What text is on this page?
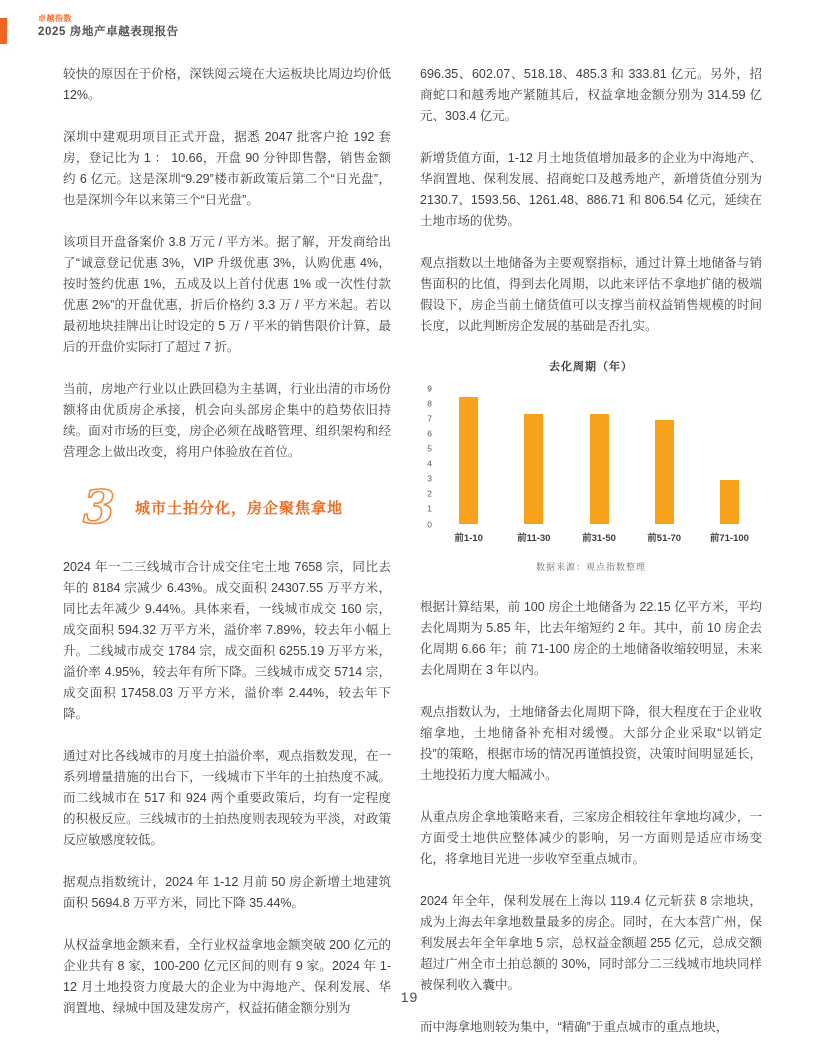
卓越指数
2025 房地产卓越表现报告

较快的原因在于价格，深铁阅云境在大运板块比周边均价低 12%。

深圳中建观玥项目正式开盘，据悉 2047 批客户抢 192 套房，登记比为 1 ： 10.66，开盘 90 分钟即售罄，销售金额约 6 亿元。这是深圳“9.29”楼市新政策后第二个“日光盘”，也是深圳今年以来第三个“日光盘”。

该项目开盘备案价 3.8 万元 / 平方米。据了解，开发商给出了“诚意登记优惠 3%，VIP 升级优惠 3%，认购优惠 4%，按时签约优惠 1%，五成及以上首付优惠 1% 或一次性付款优惠 2%”的开盘优惠，折后价格约 3.3 万 / 平方米起。若以最初地块挂牌出让时设定的 5 万 / 平米的销售限价计算，最后的开盘价实际打了超过 7 折。

当前，房地产行业以止跌回稳为主基调，行业出清的市场份额将由优质房企承接，机会向头部房企集中的趋势依旧持续。面对市场的巨变，房企必须在战略管理、组织架构和经营理念上做出改变，将用户体验放在首位。

3 城市土拍分化，房企聚焦拿地

2024 年一二三线城市合计成交住宅土地 7658 宗，同比去年的 8184 宗减少 6.43%。成交面积 24307.55 万平方米，同比去年减少 9.44%。具体来看，一线城市成交 160 宗，成交面积 594.32 万平方米，溢价率 7.89%，较去年小幅上升。二线城市成交 1784 宗，成交面积 6255.19 万平方米，溢价率 4.95%，较去年有所下降。三线城市成交 5714 宗，成交面积 17458.03 万平方米，溢价率 2.44%，较去年下降。

通过对比各线城市的月度土拍溢价率，观点指数发现，在一系列增量措施的出台下，一线城市下半年的土拍热度不减。而二线城市在 517 和 924 两个重要政策后，均有一定程度的积极反应。三线城市的土拍热度则表现较为平淡，对政策反应敏感度较低。

据观点指数统计，2024 年 1-12 月前 50 房企新增土地建筑面积 5694.8 万平方米，同比下降 35.44%。

从权益拿地金额来看，全行业权益拿地金额突破 200 亿元的企业共有 8 家，100-200 亿元区间的则有 9 家。2024 年 1-12 月土地投资力度最大的企业为中海地产、保利发展、华润置地、绿城中国及建发房产，权益拓储金额分别为

696.35、602.07、518.18、485.3 和 333.81 亿元。另外，招商蛇口和越秀地产紧随其后，权益拿地金额分别为 314.59 亿元、303.4 亿元。

新增货值方面，1-12 月土地货值增加最多的企业为中海地产、华润置地、保利发展、招商蛇口及越秀地产，新增货值分别为 2130.7、1593.56、1261.48、886.71 和 806.54 亿元，延续在土地市场的优势。

观点指数以土地储备为主要观察指标，通过计算土地储备与销售面积的比值，得到去化周期，以此来评估不拿地扩储的极端假设下，房企当前土储货值可以支撑当前权益销售规模的时间长度，以此判断房企发展的基础是否扎实。

去化周期（年）
0
1
2
3
4
5
6
7
8
9
前1-10	前11-30	前31-50	前51-70	前71-100
数据来源：观点指数整理

根据计算结果，前 100 房企土地储备为 22.15 亿平方米，平均去化周期为 5.85 年，比去年缩短约 2 年。其中，前 10 房企去化周期 6.66 年；前 71-100 房企的土地储备收缩较明显，未来去化周期在 3 年以内。

观点指数认为，土地储备去化周期下降，很大程度在于企业收缩拿地，土地储备补充相对缓慢。大部分企业采取“以销定投”的策略，根据市场的情况再谨慎投资，决策时间明显延长，土地投拓力度大幅减小。

从重点房企拿地策略来看，三家房企相较往年拿地均减少，一方面受土地供应整体减少的影响，另一方面则是适应市场变化，将拿地目光进一步收窄至重点城市。

2024 年全年，保利发展在上海以 119.4 亿元斩获 8 宗地块，成为上海去年拿地数量最多的房企。同时，在大本营广州，保利发展去年全年拿地 5 宗，总权益金额超 255 亿元，总成交额超过广州全市土拍总额的 30%，同时部分二三线城市地块同样被保利收入囊中。

而中海拿地则较为集中，“精确”于重点城市的重点地块，

19
